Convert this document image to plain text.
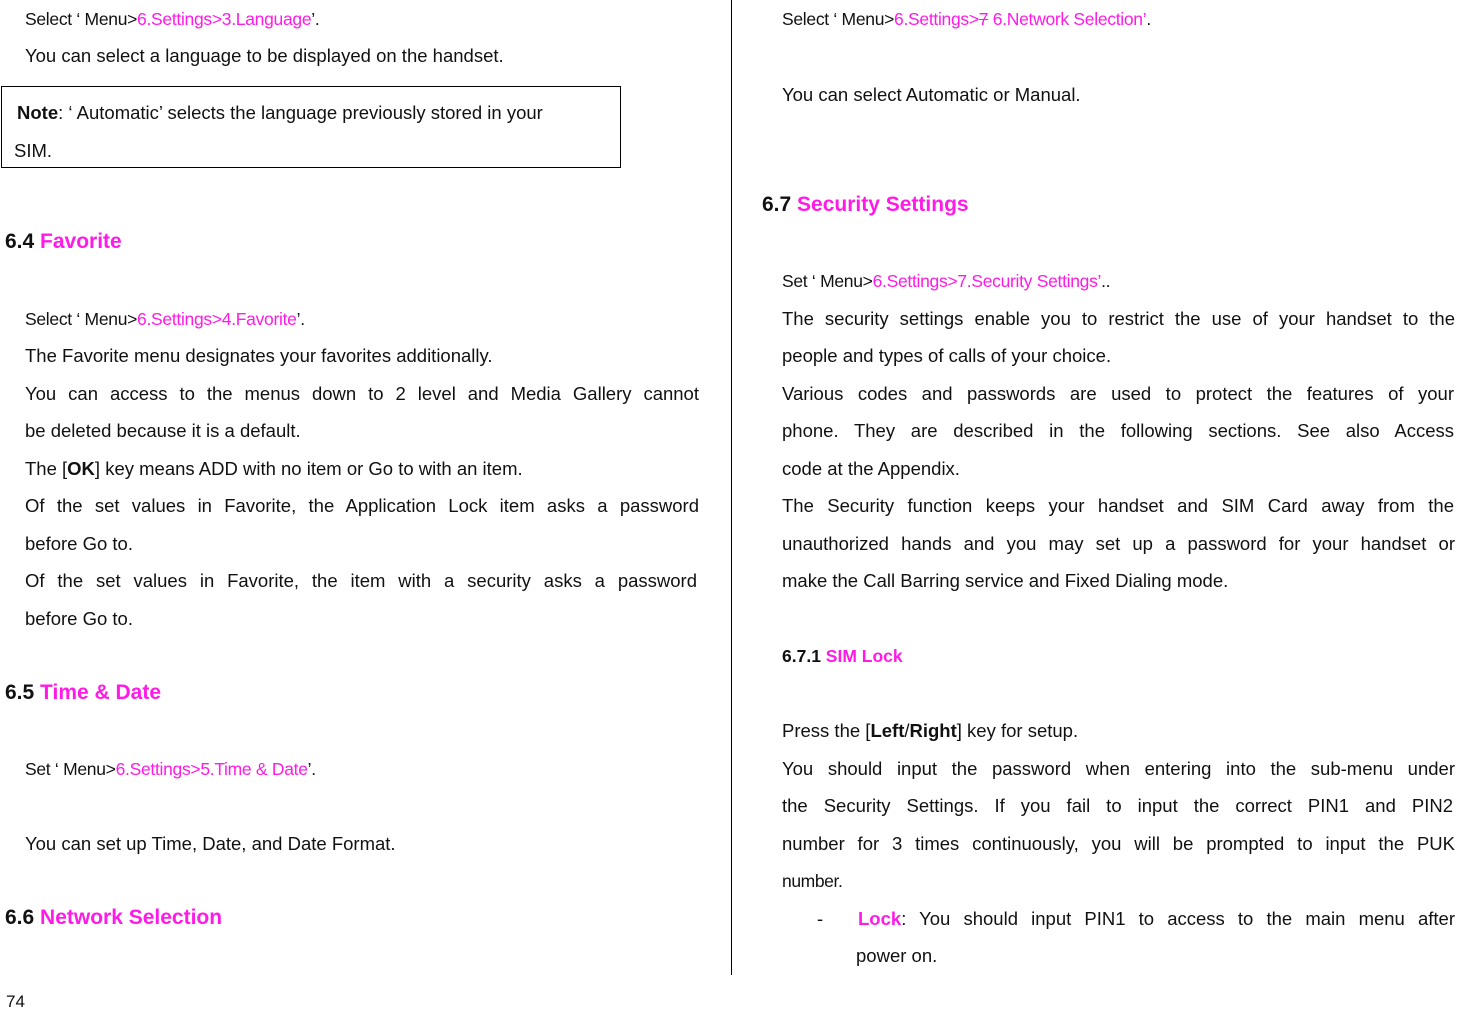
Select ‘ Menu>6.Settings>3.Language’.
You can select a language to be displayed on the handset.
Note: ‘ Automatic’ selects the language previously stored in your
SIM.
6.4 Favorite
Select ‘ Menu>6.Settings>4.Favorite’.
The Favorite menu designates your favorites additionally.
You can access to the menus down to 2 level and Media Gallery cannot
be deleted because it is a default.
The [OK] key means ADD with no item or Go to with an item.
Of the set values in Favorite, the Application Lock item asks a password
before Go to.
Of the set values in Favorite, the item with a security asks a password
before Go to.
6.5 Time & Date
Set ‘ Menu>6.Settings>5.Time & Date’.
You can set up Time, Date, and Date Format.
6.6 Network Selection
74
Select ‘ Menu>6.Settings>7 6.Network Selection’.
You can select Automatic or Manual.
6.7 Security Settings
Set ‘ Menu>6.Settings>7.Security Settings’..
The security settings enable you to restrict the use of your handset to the
people and types of calls of your choice.
Various codes and passwords are used to protect the features of your
phone. They are described in the following sections. See also Access
code at the Appendix.
The Security function keeps your handset and SIM Card away from the
unauthorized hands and you may set up a password for your handset or
make the Call Barring service and Fixed Dialing mode.
6.7.1 SIM Lock
Press the [Left/Right] key for setup.
You should input the password when entering into the sub-menu under
the Security Settings. If you fail to input the correct PIN1 and PIN2
number for 3 times continuously, you will be prompted to input the PUK
number.
- Lock: You should input PIN1 to access to the main menu after
power on.
